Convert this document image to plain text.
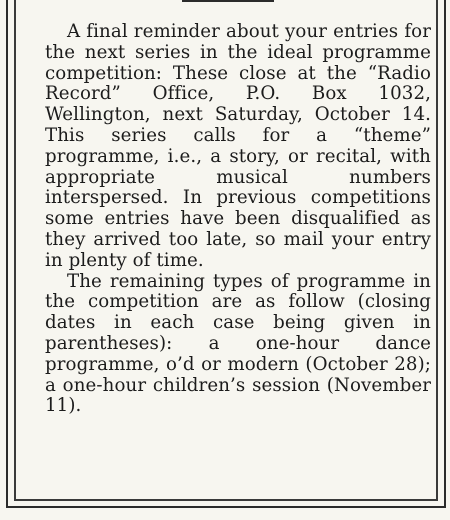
A final reminder about your entries for the next series in the ideal programme competition: These close at the “Radio Record” Office, P.O. Box 1032, Wellington, next Saturday, October 14. This series calls for a “theme” programme, i.e., a story, or recital, with appropriate musical numbers interspersed. In previous competitions some entries have been disqualified as they arrived too late, so mail your entry in plenty of time.

The remaining types of programme in the competition are as follow (closing dates in each case being given in parentheses): a one-hour dance programme, o’d or modern (October 28); a one-hour children’s session (November 11).
